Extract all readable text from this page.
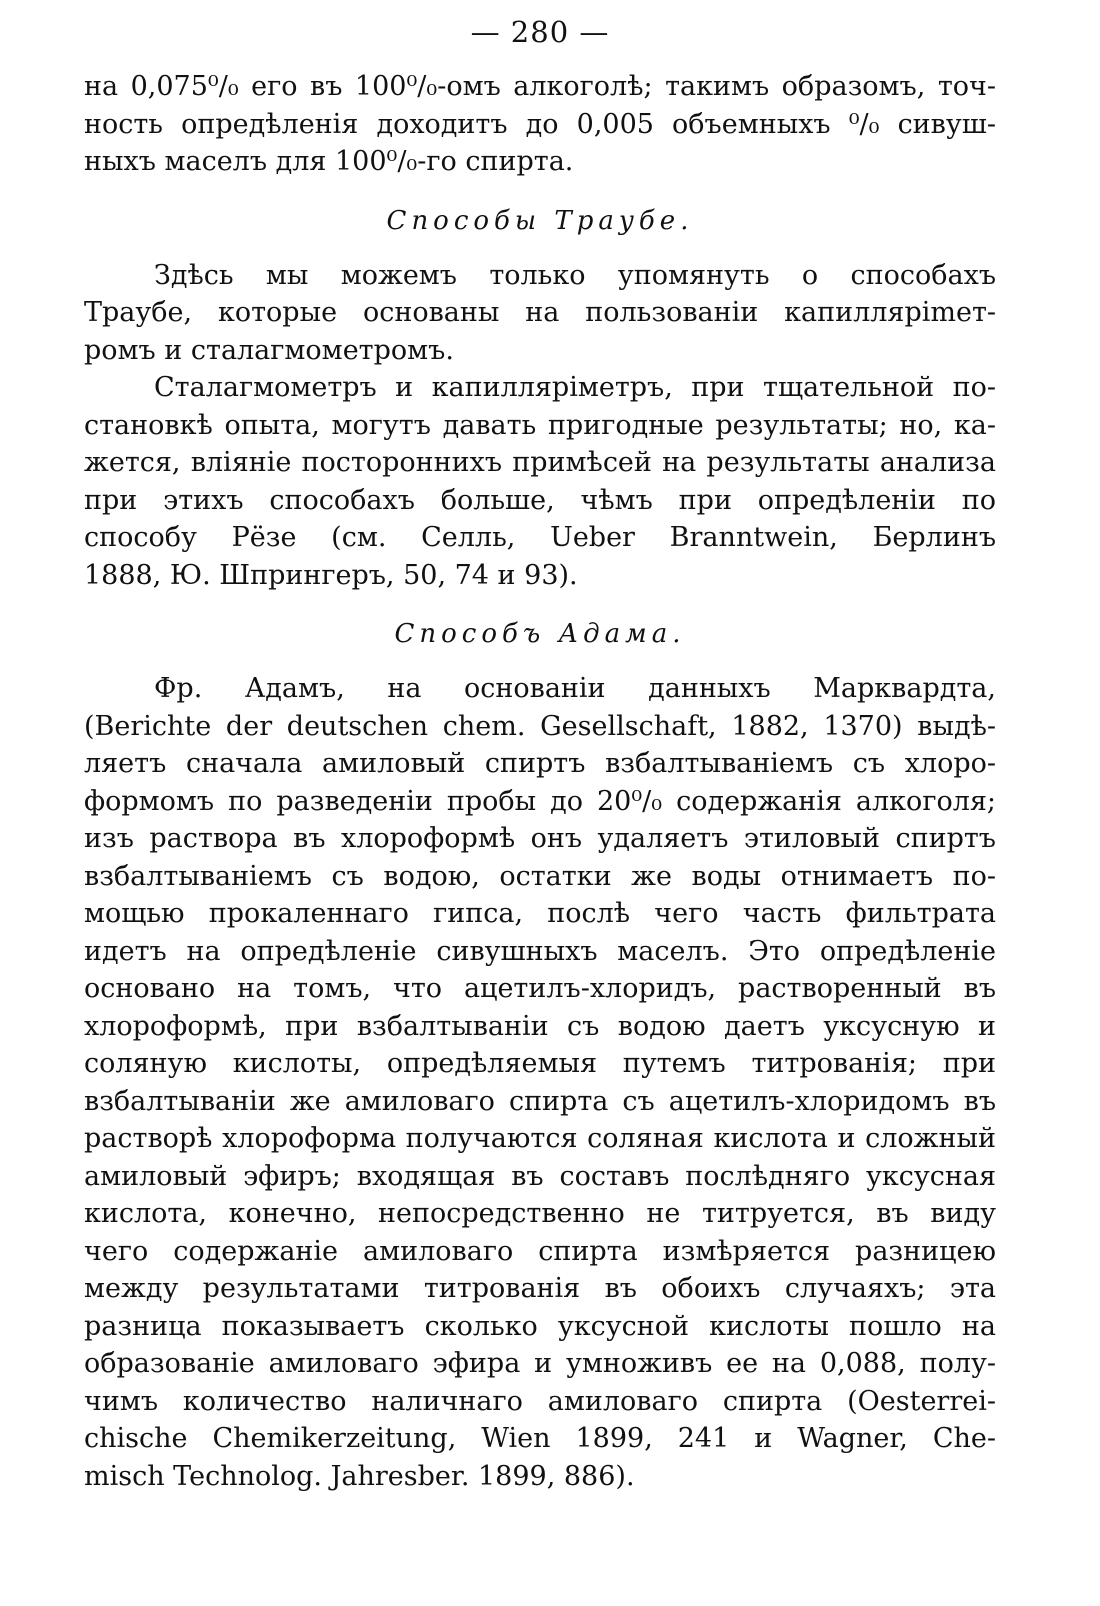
— 280 —
на 0,075⁰/₀ его въ 100⁰/₀-омъ алкоголѣ; такимъ образомъ, точ-
ность опредѣленія доходитъ до 0,005 объемныхъ ⁰/₀ сивуш-
ныхъ маселъ для 100⁰/₀-го спирта.
Способы Траубе.
Здѣсь мы можемъ только упомянуть о способахъ
Траубе, которые основаны на пользованіи капиллярimет-
ромъ и сталагмометромъ.
Сталагмометръ и капиллярiметръ, при тщательной по-
становкѣ опыта, могутъ давать пригодные результаты; но, ка-
жется, вліяніе постороннихъ примѣсей на результаты анализа
при этихъ способахъ больше, чѣмъ при опредѣленіи по
способу Рёзе (см. Селль, Ueber Branntwein, Берлинъ
1888, Ю. Шпрингеръ, 50, 74 и 93).
Способъ Адама.
Фр. Адамъ, на основаніи данныхъ Марквардта,
(Berichte der deutschen chem. Gesellschaft, 1882, 1370) выдѣ-
ляетъ сначала амиловый спиртъ взбалтываніемъ съ хлоро-
формомъ по разведеніи пробы до 20⁰/₀ содержанія алкоголя;
изъ раствора въ хлороформѣ онъ удаляетъ этиловый спиртъ
взбалтываніемъ съ водою, остатки же воды отнимаетъ по-
мощью прокаленнаго гипса, послѣ чего часть фильтрата
идетъ на опредѣленіе сивушныхъ маселъ. Это опредѣленіе
основано на томъ, что ацетилъ-хлоридъ, растворенный въ
хлороформѣ, при взбалтываніи съ водою даетъ уксусную и
соляную кислоты, опредѣляемыя путемъ титрованія; при
взбалтываніи же амиловаго спирта съ ацетилъ-хлоридомъ въ
растворѣ хлороформа получаются соляная кислота и сложный
амиловый эфиръ; входящая въ составъ послѣдняго уксусная
кислота, конечно, непосредственно не титруется, въ виду
чего содержаніе амиловаго спирта измѣряется разницею
между результатами титрованія въ обоихъ случаяхъ; эта
разница показываетъ сколько уксусной кислоты пошло на
образованіе амиловаго эфира и умноживъ ее на 0,088, полу-
чимъ количество наличнаго амиловаго спирта (Oesterrei-
chische Chemikerzeitung, Wien 1899, 241 и Wagner, Che-
misch Technolog. Jahresber. 1899, 886).
